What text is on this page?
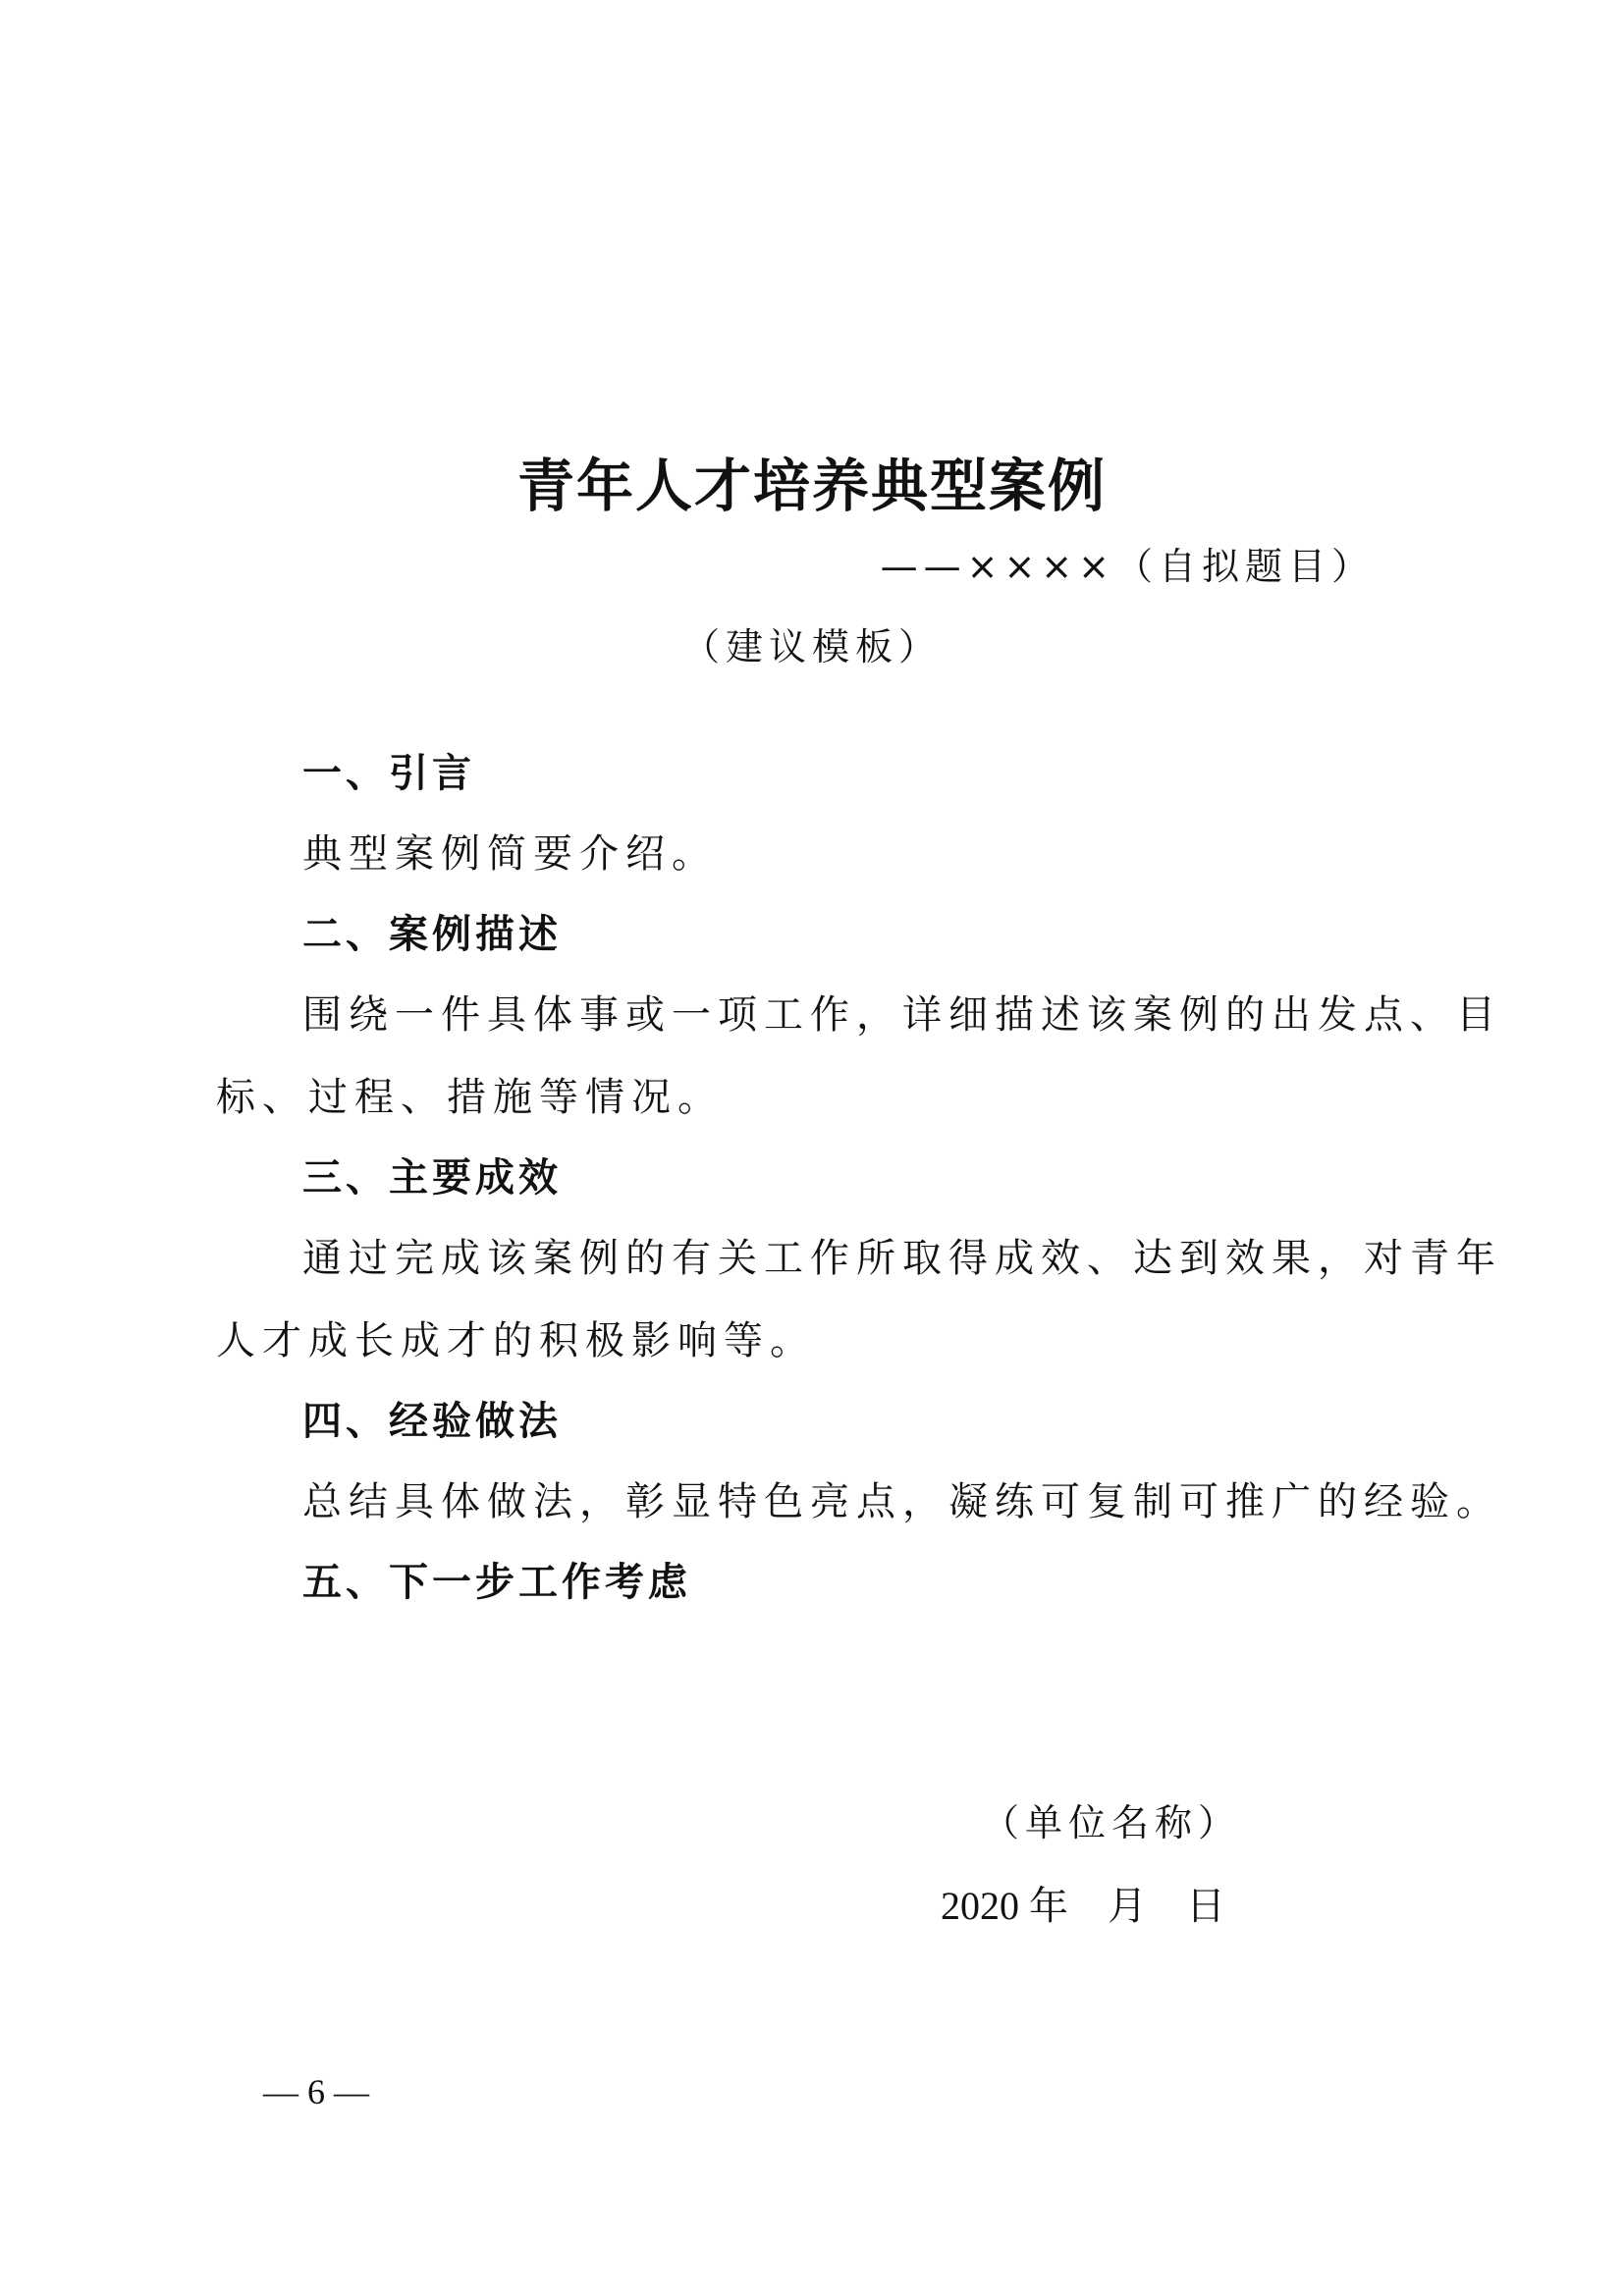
青年人才培养典型案例
——××××（自拟题目）
（建议模板）
一、引言
典型案例简要介绍。
二、案例描述
围绕一件具体事或一项工作，详细描述该案例的出发点、目
标、过程、措施等情况。
三、主要成效
通过完成该案例的有关工作所取得成效、达到效果，对青年
人才成长成才的积极影响等。
四、经验做法
总结具体做法，彰显特色亮点，凝练可复制可推广的经验。
五、下一步工作考虑
（单位名称）
2020 年    月    日
— 6 —
